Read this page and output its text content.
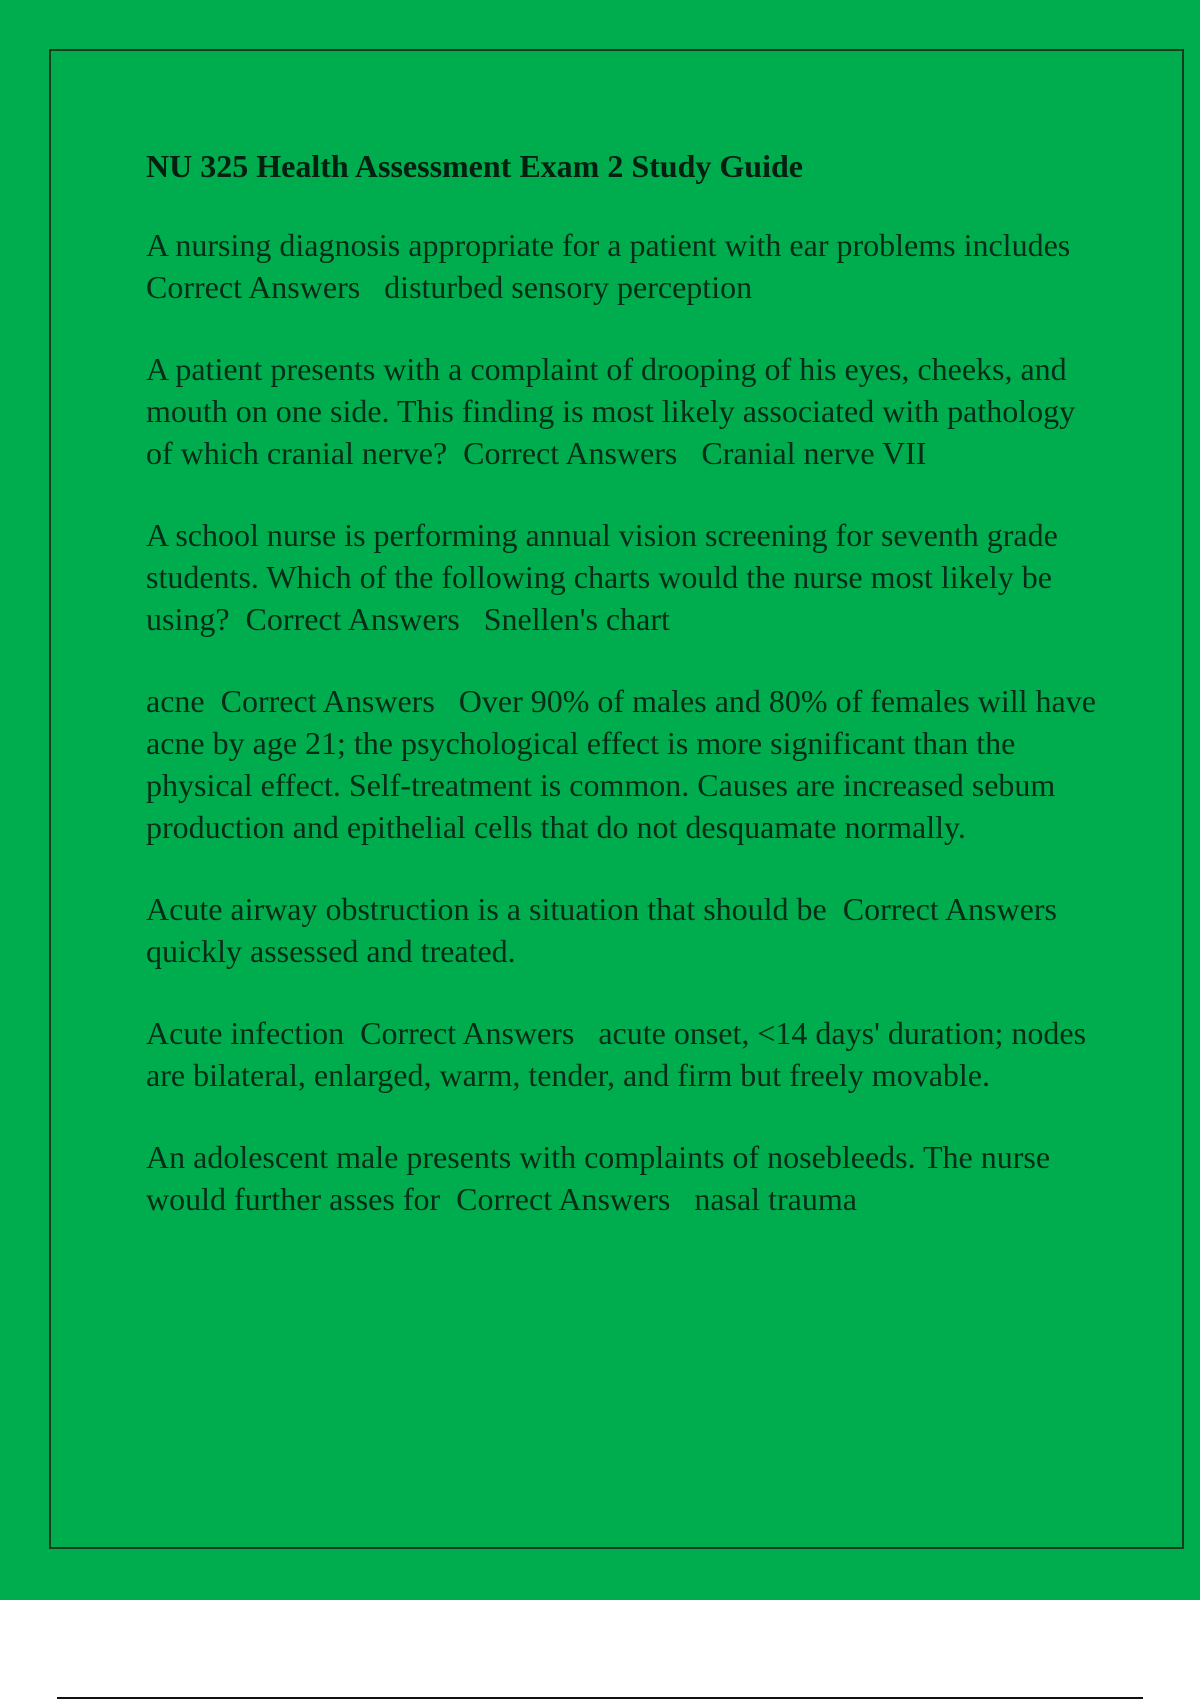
NU 325 Health Assessment Exam 2 Study Guide
A nursing diagnosis appropriate for a patient with ear problems includes  Correct Answers   disturbed sensory perception
A patient presents with a complaint of drooping of his eyes, cheeks, and mouth on one side. This finding is most likely associated with pathology of which cranial nerve?  Correct Answers   Cranial nerve VII
A school nurse is performing annual vision screening for seventh grade students. Which of the following charts would the nurse most likely be using?  Correct Answers   Snellen's chart
acne  Correct Answers   Over 90% of males and 80% of females will have acne by age 21; the psychological effect is more significant than the physical effect. Self-treatment is common. Causes are increased sebum production and epithelial cells that do not desquamate normally.
Acute airway obstruction is a situation that should be  Correct Answers   quickly assessed and treated.
Acute infection  Correct Answers   acute onset, <14 days' duration; nodes are bilateral, enlarged, warm, tender, and firm but freely movable.
An adolescent male presents with complaints of nosebleeds. The nurse would further asses for  Correct Answers   nasal trauma
